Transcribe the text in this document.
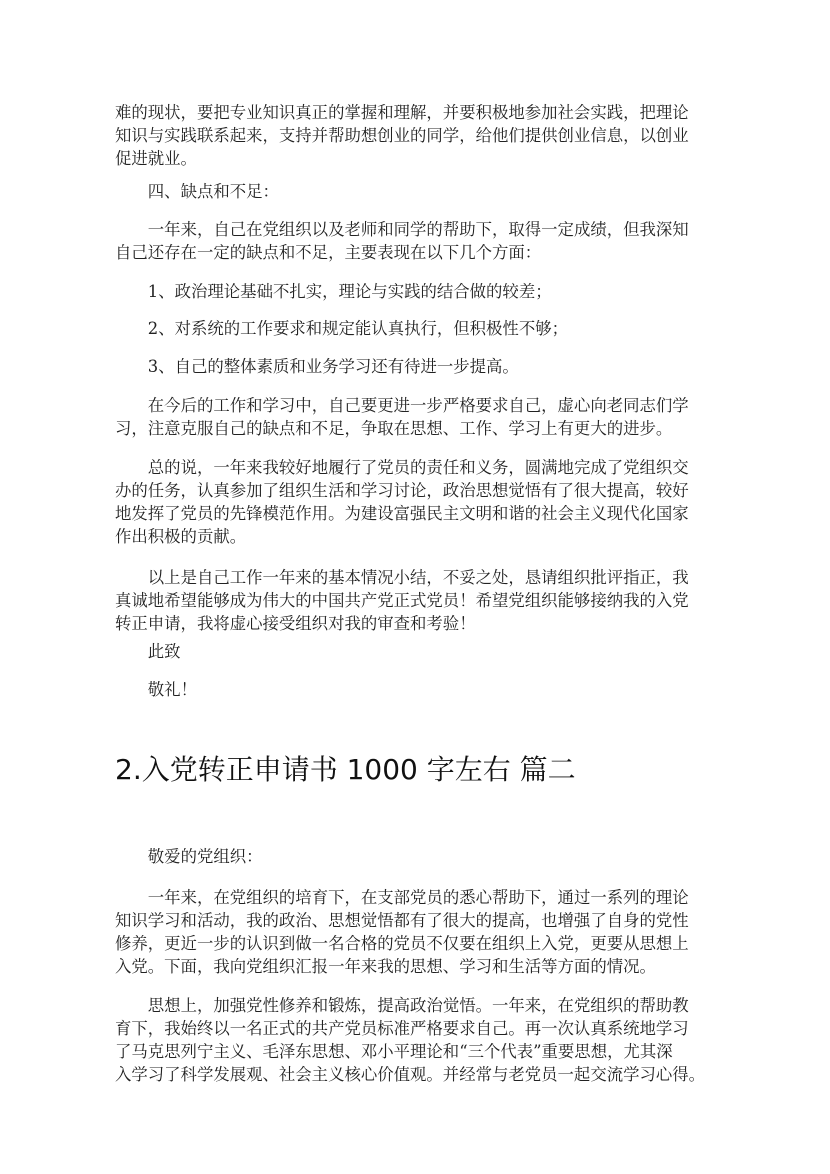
2.入党转正申请书 1000 字左右 篇二
难的现状，要把专业知识真正的掌握和理解，并要积极地参加社会实践，把理论
知识与实践联系起来，支持并帮助想创业的同学，给他们提供创业信息，以创业
促进就业。
四、缺点和不足：
一年来，自己在党组织以及老师和同学的帮助下，取得一定成绩，但我深知
自己还存在一定的缺点和不足，主要表现在以下几个方面：
1、政治理论基础不扎实，理论与实践的结合做的较差；
2、对系统的工作要求和规定能认真执行，但积极性不够；
3、自己的整体素质和业务学习还有待进一步提高。
在今后的工作和学习中，自己要更进一步严格要求自己，虚心向老同志们学
习，注意克服自己的缺点和不足，争取在思想、工作、学习上有更大的进步。
总的说，一年来我较好地履行了党员的责任和义务，圆满地完成了党组织交
办的任务，认真参加了组织生活和学习讨论，政治思想觉悟有了很大提高，较好
地发挥了党员的先锋模范作用。为建设富强民主文明和谐的社会主义现代化国家
作出积极的贡献。
以上是自己工作一年来的基本情况小结，不妥之处，恳请组织批评指正，我
真诚地希望能够成为伟大的中国共产党正式党员！希望党组织能够接纳我的入党
转正申请，我将虚心接受组织对我的审查和考验！
此致
敬礼！
敬爱的党组织：
一年来，在党组织的培育下，在支部党员的悉心帮助下，通过一系列的理论
知识学习和活动，我的政治、思想觉悟都有了很大的提高，也增强了自身的党性
修养，更近一步的认识到做一名合格的党员不仅要在组织上入党，更要从思想上
入党。下面，我向党组织汇报一年来我的思想、学习和生活等方面的情况。
思想上，加强党性修养和锻炼，提高政治觉悟。一年来，在党组织的帮助教
育下，我始终以一名正式的共产党员标准严格要求自己。再一次认真系统地学习
了马克思列宁主义、毛泽东思想、邓小平理论和“三个代表”重要思想，尤其深
入学习了科学发展观、社会主义核心价值观。并经常与老党员一起交流学习心得。
